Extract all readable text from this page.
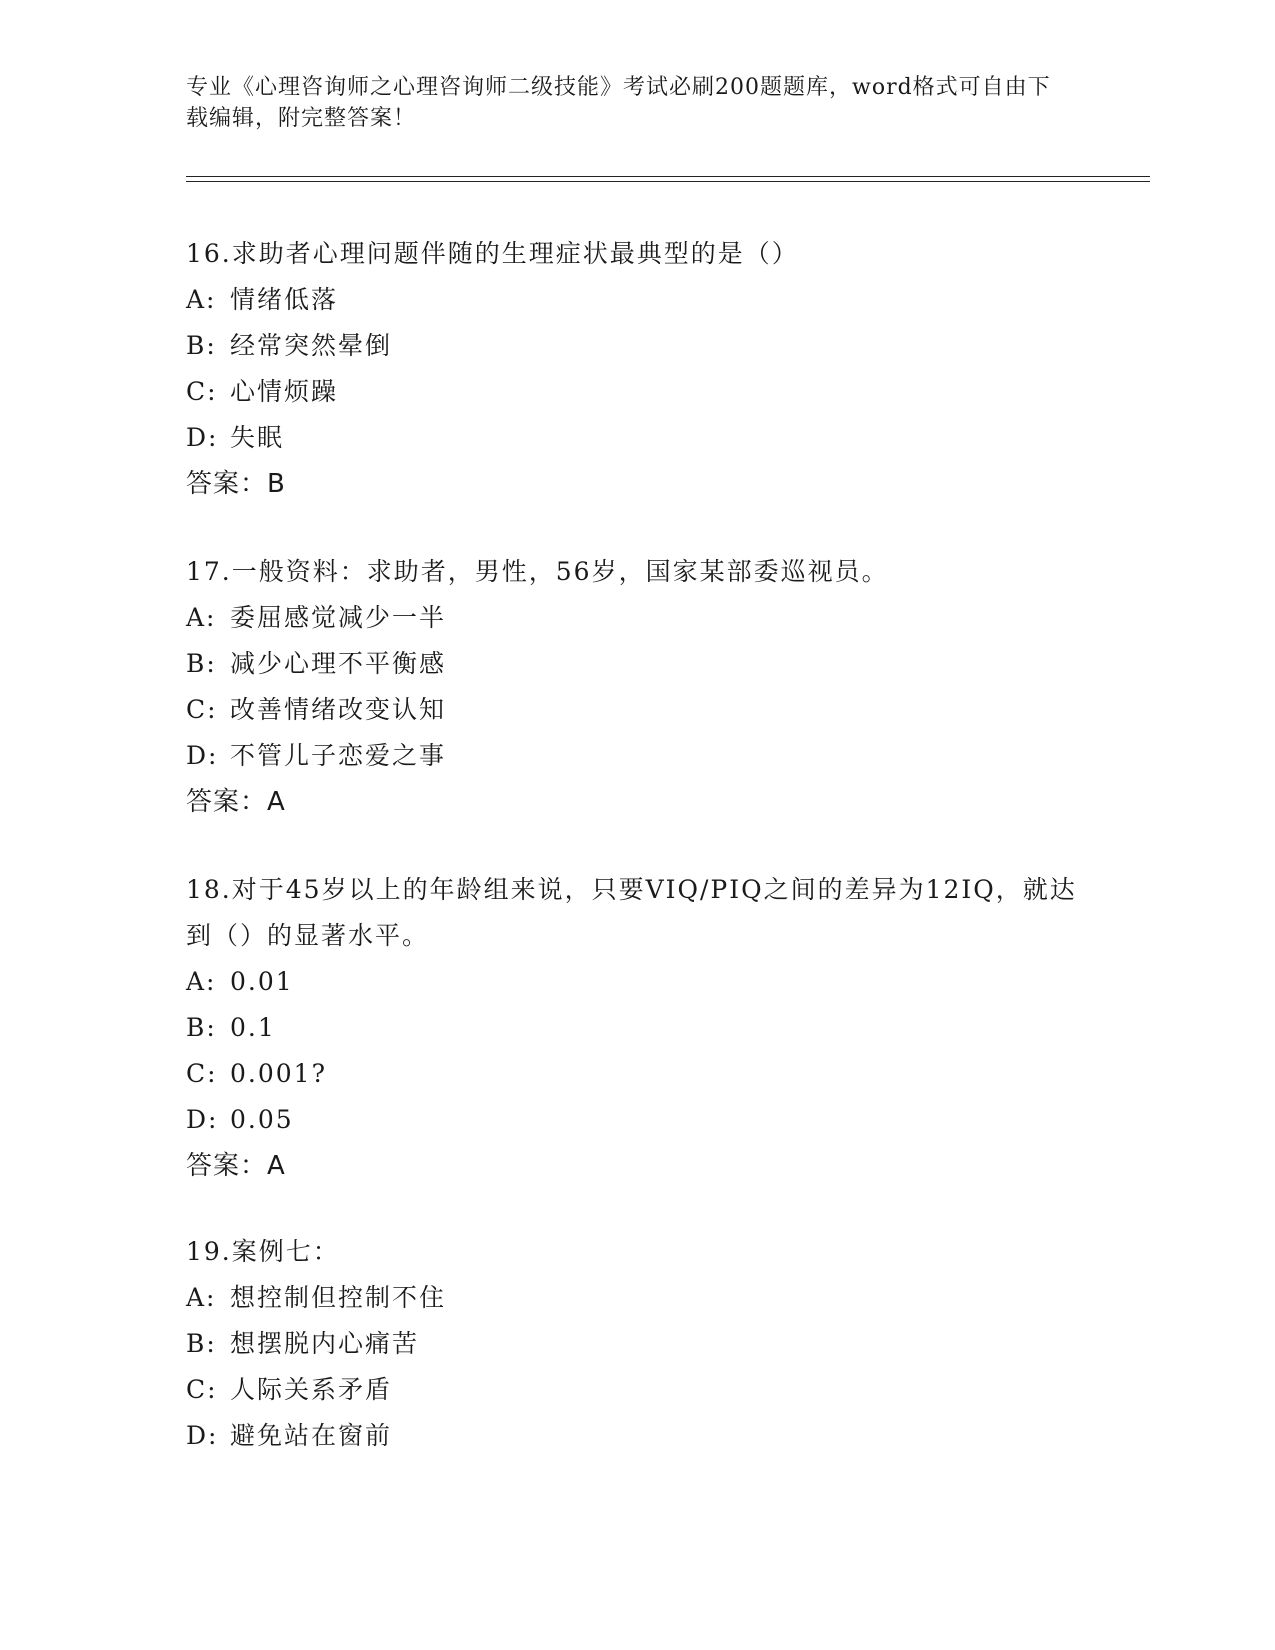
专业《心理咨询师之心理咨询师二级技能》考试必刷200题题库，word格式可自由下载编辑，附完整答案！
16.求助者心理问题伴随的生理症状最典型的是（）
A: 情绪低落
B: 经常突然晕倒
C: 心情烦躁
D: 失眠
答案：B
17.一般资料：求助者，男性，56岁，国家某部委巡视员。
A: 委屈感觉减少一半
B: 减少心理不平衡感
C: 改善情绪改变认知
D: 不管儿子恋爱之事
答案：A
18.对于45岁以上的年龄组来说，只要VIQ/PIQ之间的差异为12IQ，就达到（）的显著水平。
A: 0.01
B: 0.1
C: 0.001?
D: 0.05
答案：A
19.案例七：
A: 想控制但控制不住
B: 想摆脱内心痛苦
C: 人际关系矛盾
D: 避免站在窗前
